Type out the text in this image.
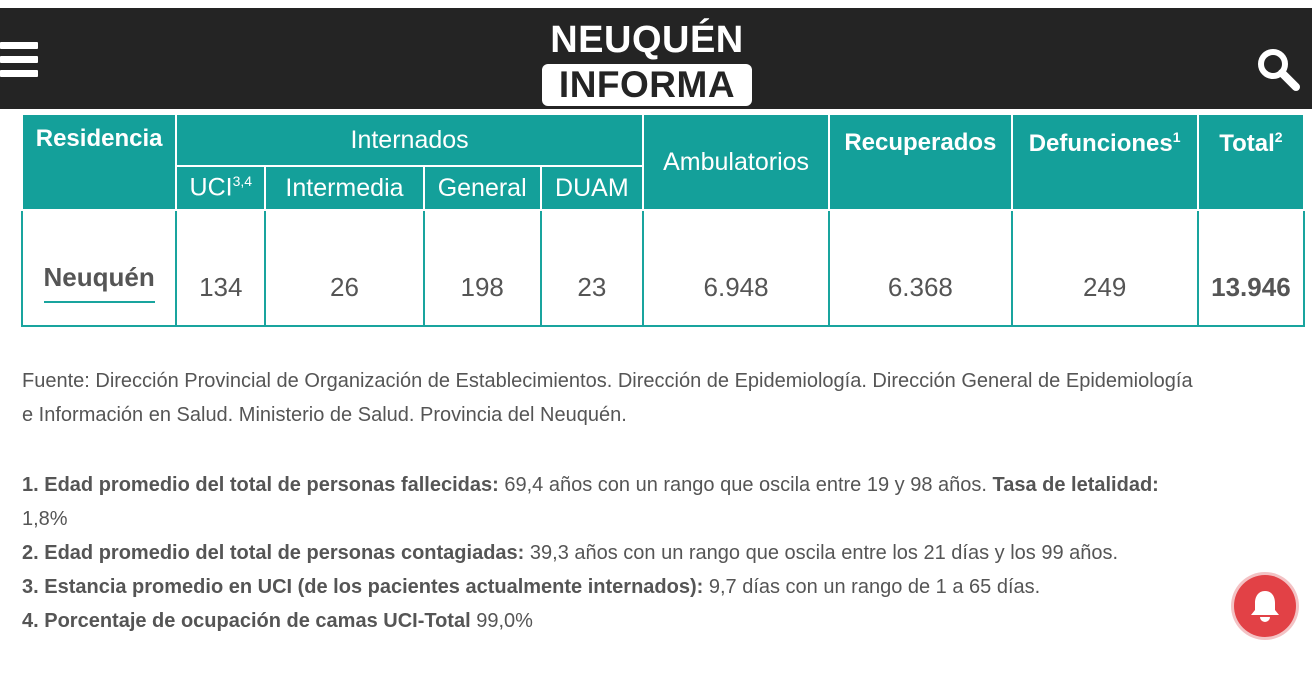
NEUQUÉN
INFORMA
Residencia	Internados				Ambulatorios	Recuperados	Defunciones$^1$	Total$^2$
	UCI$^{3,4}$	Intermedia	General	DUAM				
Neuquén	134	26	198	23	6.948	6.368	249	13.946

Fuente: Dirección Provincial de Organización de Establecimientos. Dirección de Epidemiología. Dirección General de Epidemiología e Información en Salud. Ministerio de Salud. Provincia del Neuquén.

1. Edad promedio del total de personas fallecidas: 69,4 años con un rango que oscila entre 19 y 98 años. Tasa de letalidad: 1,8%

2. Edad promedio del total de personas contagiadas: 39,3 años con un rango que oscila entre los 21 días y los 99 años.

3. Estancia promedio en UCI (de los pacientes actualmente internados): 9,7 días con un rango de 1 a 65 días.

4. Porcentaje de ocupación de camas UCI-Total 99,0%
